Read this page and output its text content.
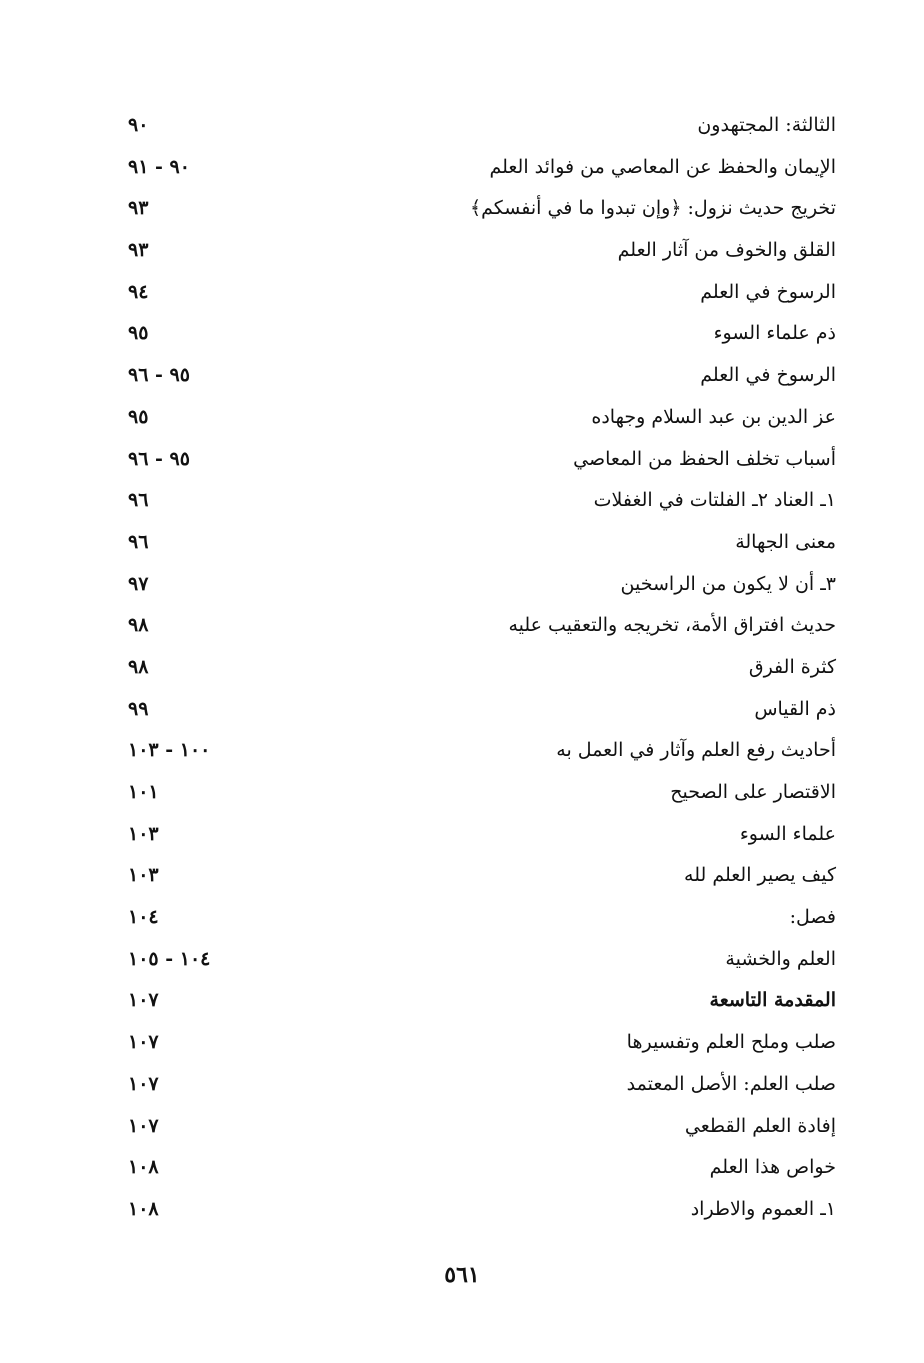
الثالثة: المجتهدون
٩٠
الإيمان والحفظ عن المعاصي من فوائد العلم
٩٠ - ٩١
تخريج حديث نزول: ﴿وإن تبدوا ما في أنفسكم﴾
٩٣
القلق والخوف من آثار العلم
٩٣
الرسوخ في العلم
٩٤
ذم علماء السوء
٩٥
الرسوخ في العلم
٩٥ - ٩٦
عز الدين بن عبد السلام وجهاده
٩٥
أسباب تخلف الحفظ من المعاصي
٩٥ - ٩٦
١ـ العناد ٢ـ الفلتات في الغفلات
٩٦
معنى الجهالة
٩٦
٣ـ أن لا يكون من الراسخين
٩٧
حديث افتراق الأمة، تخريجه والتعقيب عليه
٩٨
كثرة الفرق
٩٨
ذم القياس
٩٩
أحاديث رفع العلم وآثار في العمل به
١٠٠ - ١٠٣
الاقتصار على الصحيح
١٠١
علماء السوء
١٠٣
كيف يصير العلم لله
١٠٣
فصل:
١٠٤
العلم والخشية
١٠٤ - ١٠٥
المقدمة التاسعة
١٠٧
صلب وملح العلم وتفسيرها
١٠٧
صلب العلم: الأصل المعتمد
١٠٧
إفادة العلم القطعي
١٠٧
خواص هذا العلم
١٠٨
١ـ العموم والاطراد
١٠٨
٥٦١
